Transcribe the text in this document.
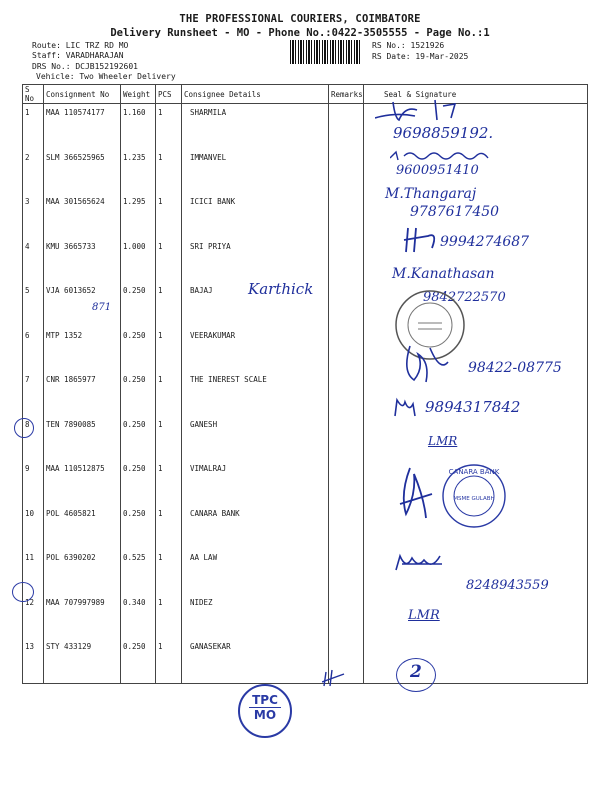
THE PROFESSIONAL COURIERS, COIMBATORE
Delivery Runsheet - MO - Phone No.:0422-3505555 - Page No.:1
Route: LIC TRZ RD MO
Staff: VARADHARAJAN
DRS No.: DCJB152192601
Vehicle: Two Wheeler Delivery
RS No.: 1521926
RS Date: 19-Mar-2025
S No	Consignment No	Weight	PCS	Consignee Details	Remarks	Seal & Signature
1	MAA 110574177	1.160	1	SHARMILA		
2	SLM 366525965	1.235	1	IMMANVEL		
3	MAA 301565624	1.295	1	ICICI BANK		
4	KMU 3665733	1.000	1	SRI PRIYA		
5	VJA 6013652	0.250	1	BAJAJ		
6	MTP 1352	0.250	1	VEERAKUMAR		
7	CNR 1865977	0.250	1	THE INEREST SCALE		
8	TEN 7890085	0.250	1	GANESH		
9	MAA 110512875	0.250	1	VIMALRAJ		
10	POL 4605821	0.250	1	CANARA BANK		
11	POL 6390202	0.525	1	AA LAW		
12	MAA 707997989	0.340	1	NIDEZ		
13	STY 433129	0.250	1	GANASEKAR		
9698859192.
9600951410
M.Thangaraj
9787617450
9994274687
M.Kanathasan
9842722570
Karthick
871
98422-08775
9894317842
LMR
CANARA BANK
MSME GULABH
8248943559
LMR
2
TPC
MO
